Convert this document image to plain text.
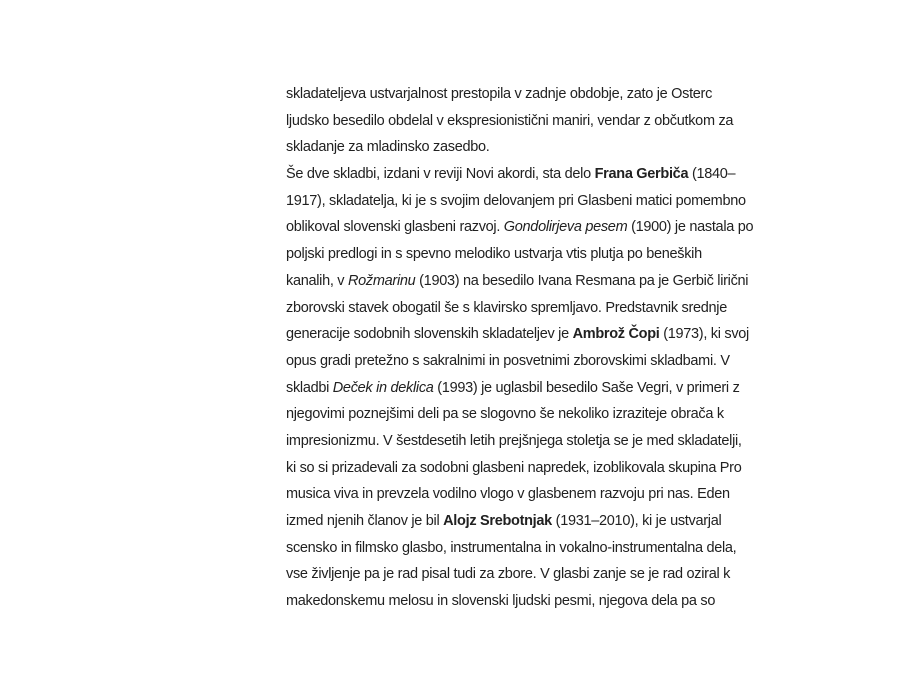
skladateljeva ustvarjalnost prestopila v zadnje obdobje, zato je Osterc
ljudsko besedilo obdelal v ekspresionistični maniri, vendar z občutkom za
skladanje za mladinsko zasedbo.
Še dve skladbi, izdani v reviji Novi akordi, sta delo Frana Gerbiča (1840–
1917), skladatelja, ki je s svojim delovanjem pri Glasbeni matici pomembno
oblikoval slovenski glasbeni razvoj. Gondolirjeva pesem (1900) je nastala po
poljski predlogi in s spevno melodiko ustvarja vtis plutja po beneških
kanalih, v Rožmarinu (1903) na besedilo Ivana Resmana pa je Gerbič lirični
zborovski stavek obogatil še s klavirsko spremljavo. Predstavnik srednje
generacije sodobnih slovenskih skladateljev je Ambrož Čopi (1973), ki svoj
opus gradi pretežno s sakralnimi in posvetnimi zborovskimi skladbami. V
skladbi Deček in deklica (1993) je uglasbil besedilo Saše Vegri, v primeri z
njegovimi poznejšimi deli pa se slogovno še nekoliko izraziteje obrača k
impresionizmu. V šestdesetih letih prejšnjega stoletja se je med skladatelji,
ki so si prizadevali za sodobni glasbeni napredek, izoblikovala skupina Pro
musica viva in prevzela vodilno vlogo v glasbenem razvoju pri nas. Eden
izmed njenih članov je bil Alojz Srebotnjak (1931–2010), ki je ustvarjal
scensko in filmsko glasbo, instrumentalna in vokalno-instrumentalna dela,
vse življenje pa je rad pisal tudi za zbore. V glasbi zanje se je rad oziral k
makedonskemu melosu in slovenski ljudski pesmi, njegova dela pa so
